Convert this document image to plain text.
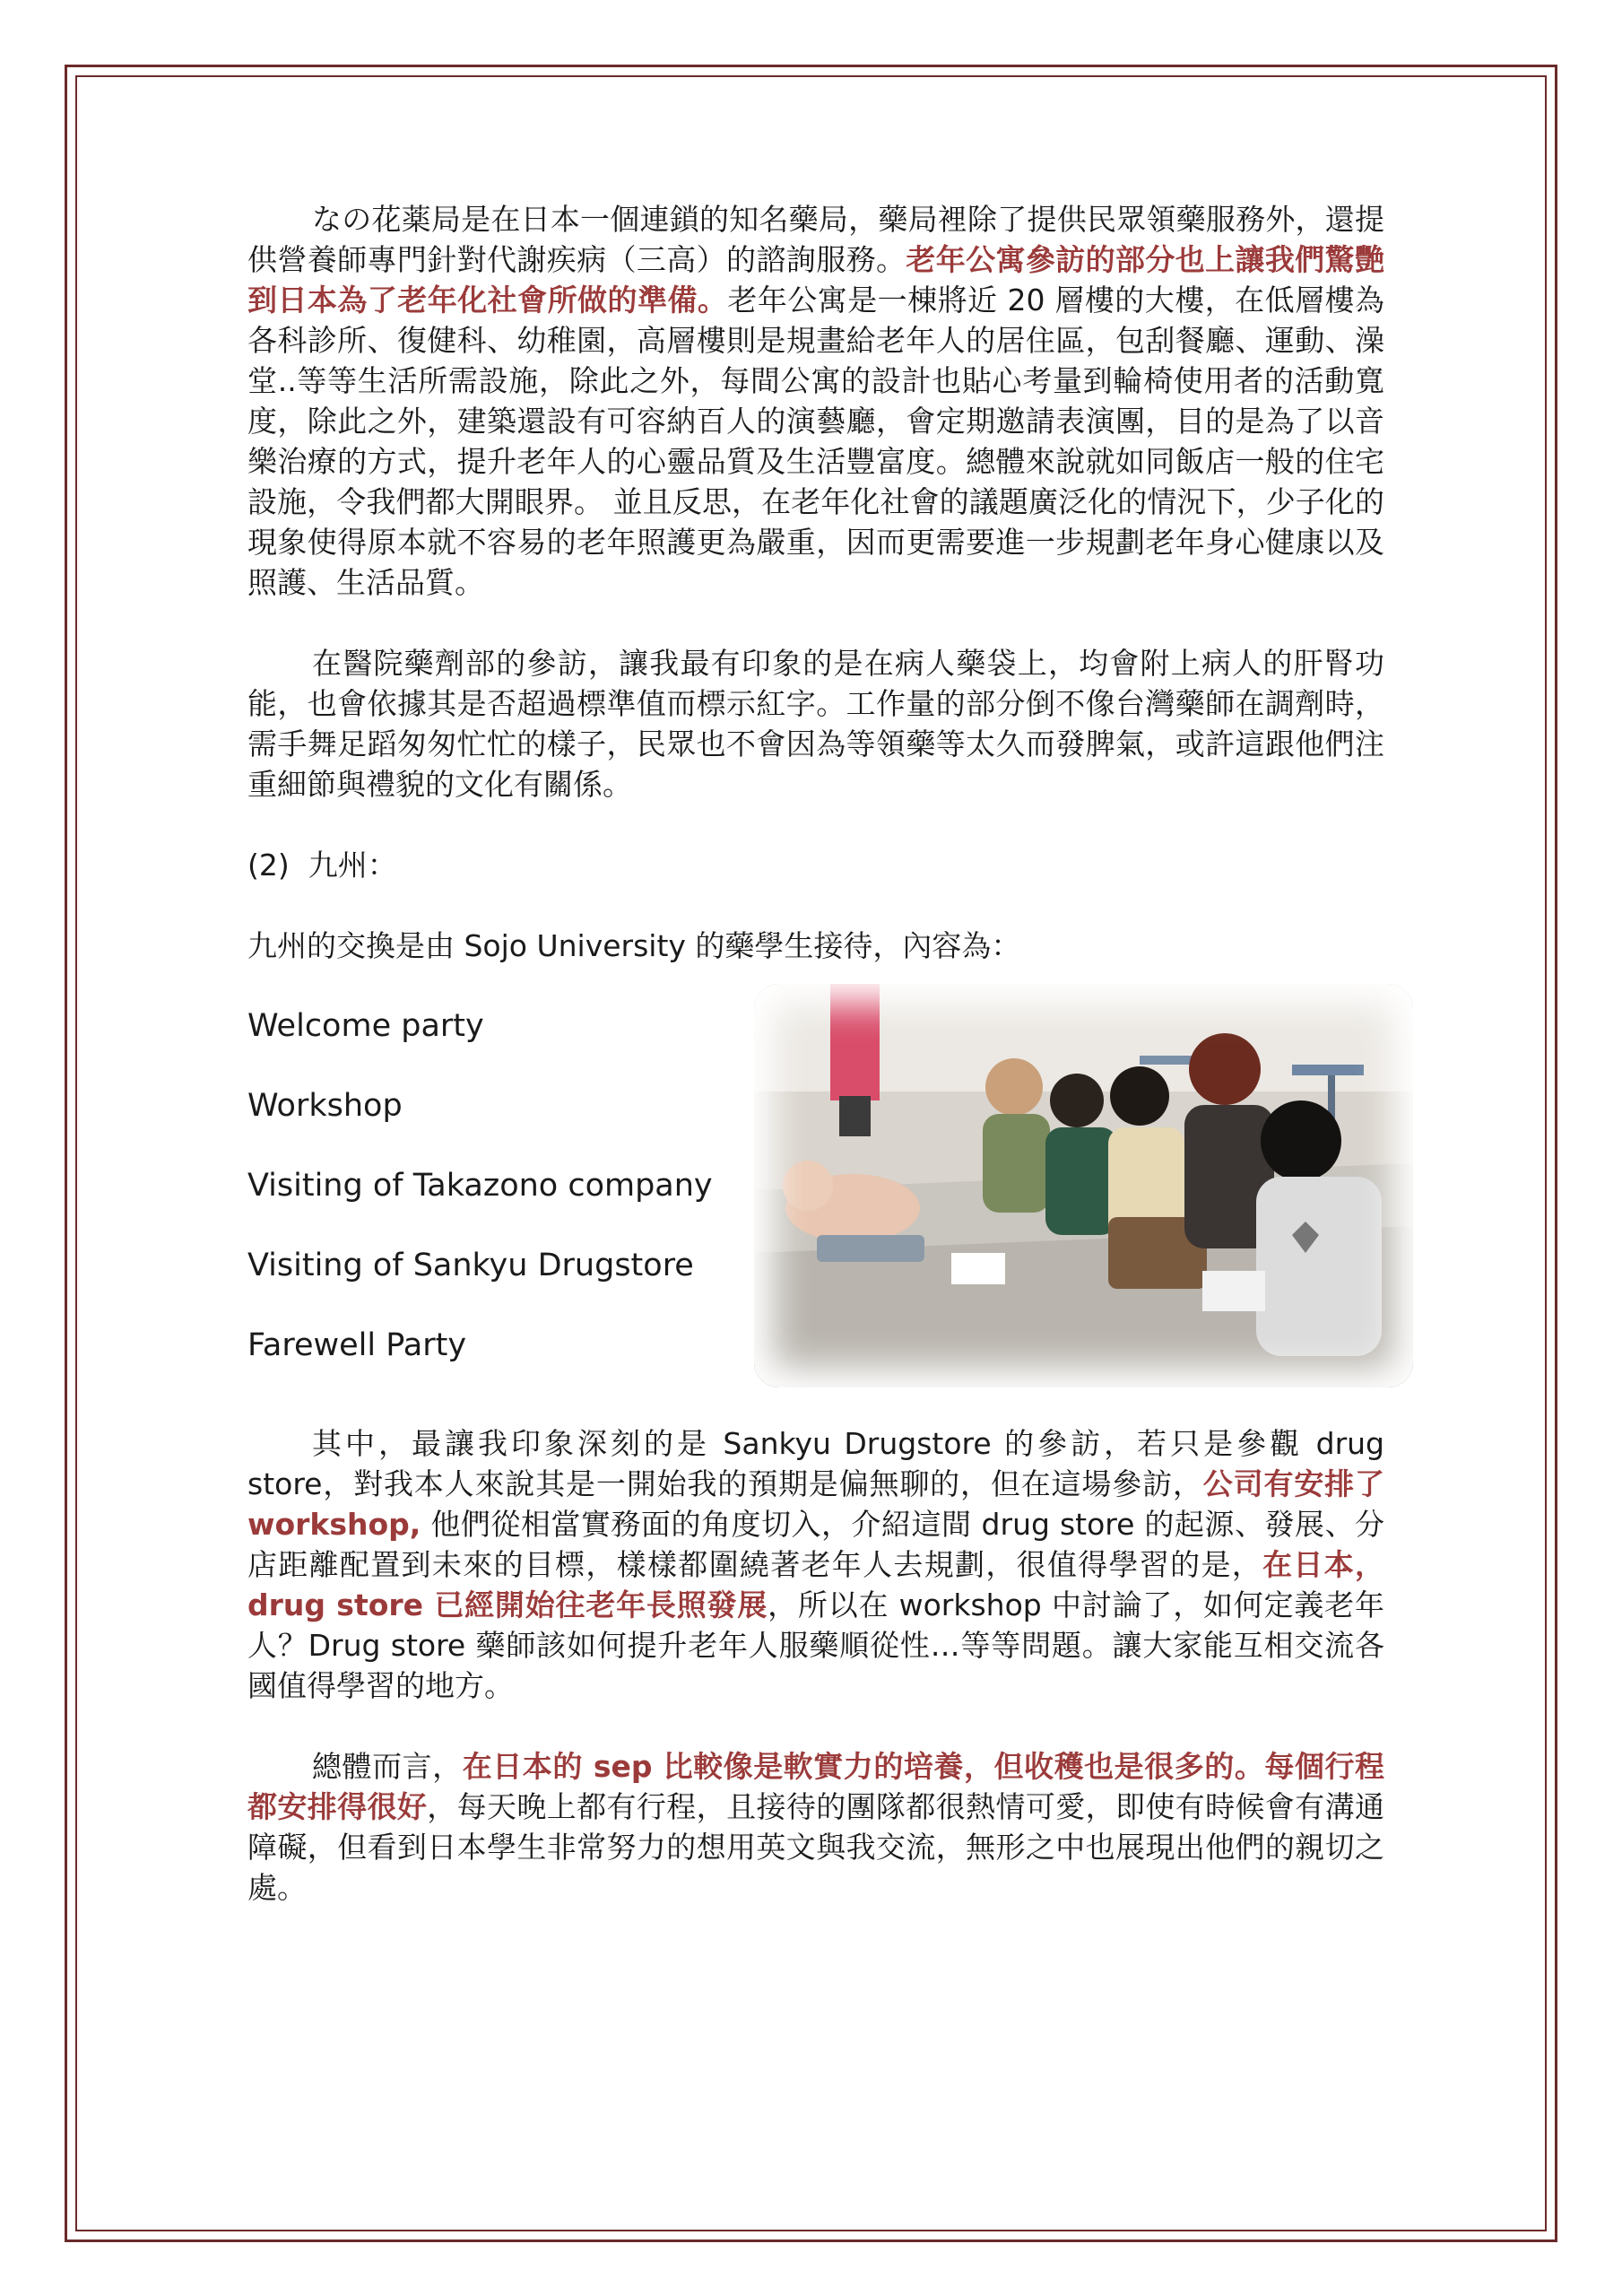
なの花薬局是在日本一個連鎖的知名藥局，藥局裡除了提供民眾領藥服務外，還提供營養師專門針對代謝疾病（三高）的諮詢服務。老年公寓參訪的部分也上讓我們驚艷到日本為了老年化社會所做的準備。老年公寓是一棟將近 20 層樓的大樓，在低層樓為各科診所、復健科、幼稚園，高層樓則是規畫給老年人的居住區，包刮餐廳、運動、澡堂..等等生活所需設施，除此之外，每間公寓的設計也貼心考量到輪椅使用者的活動寬度，除此之外，建築還設有可容納百人的演藝廳，會定期邀請表演團，目的是為了以音樂治療的方式，提升老年人的心靈品質及生活豐富度。總體來說就如同飯店一般的住宅設施，令我們都大開眼界。 並且反思，在老年化社會的議題廣泛化的情況下，少子化的現象使得原本就不容易的老年照護更為嚴重，因而更需要進一步規劃老年身心健康以及照護、生活品質。

在醫院藥劑部的參訪，讓我最有印象的是在病人藥袋上，均會附上病人的肝腎功能，也會依據其是否超過標準值而標示紅字。工作量的部分倒不像台灣藥師在調劑時，需手舞足蹈匆匆忙忙的樣子，民眾也不會因為等領藥等太久而發脾氣，或許這跟他們注重細節與禮貌的文化有關係。

(2)  九州：

九州的交換是由 Sojo University 的藥學生接待，內容為：

Welcome party
Workshop
Visiting of Takazono company
Visiting of Sankyu Drugstore
Farewell Party

其中，最讓我印象深刻的是 Sankyu Drugstore 的參訪，若只是參觀 drug store，對我本人來說其是一開始我的預期是偏無聊的，但在這場參訪，公司有安排了 workshop, 他們從相當實務面的角度切入，介紹這間 drug store 的起源、發展、分店距離配置到未來的目標，樣樣都圍繞著老年人去規劃，很值得學習的是，在日本，drug store 已經開始往老年長照發展，所以在 workshop 中討論了，如何定義老年人？Drug store 藥師該如何提升老年人服藥順從性…等等問題。讓大家能互相交流各國值得學習的地方。

總體而言，在日本的 sep 比較像是軟實力的培養，但收穫也是很多的。每個行程都安排得很好，每天晚上都有行程，且接待的團隊都很熱情可愛，即使有時候會有溝通障礙，但看到日本學生非常努力的想用英文與我交流，無形之中也展現出他們的親切之處。
